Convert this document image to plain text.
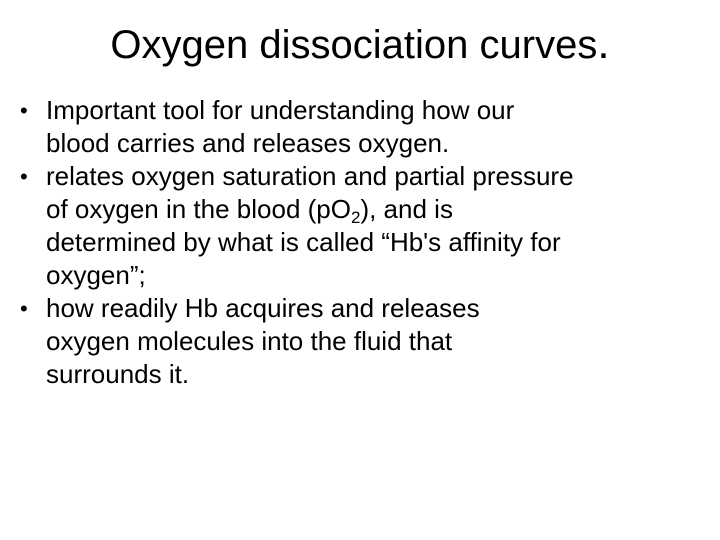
Oxygen dissociation curves.
• Important tool for understanding how our
blood carries and releases oxygen.
• relates oxygen saturation and partial pressure
of oxygen in the blood $(pO_2)$, and is
determined by what is called “Hb's affinity for
oxygen”;
• how readily Hb acquires and releases
oxygen molecules into the fluid that
surrounds it.
